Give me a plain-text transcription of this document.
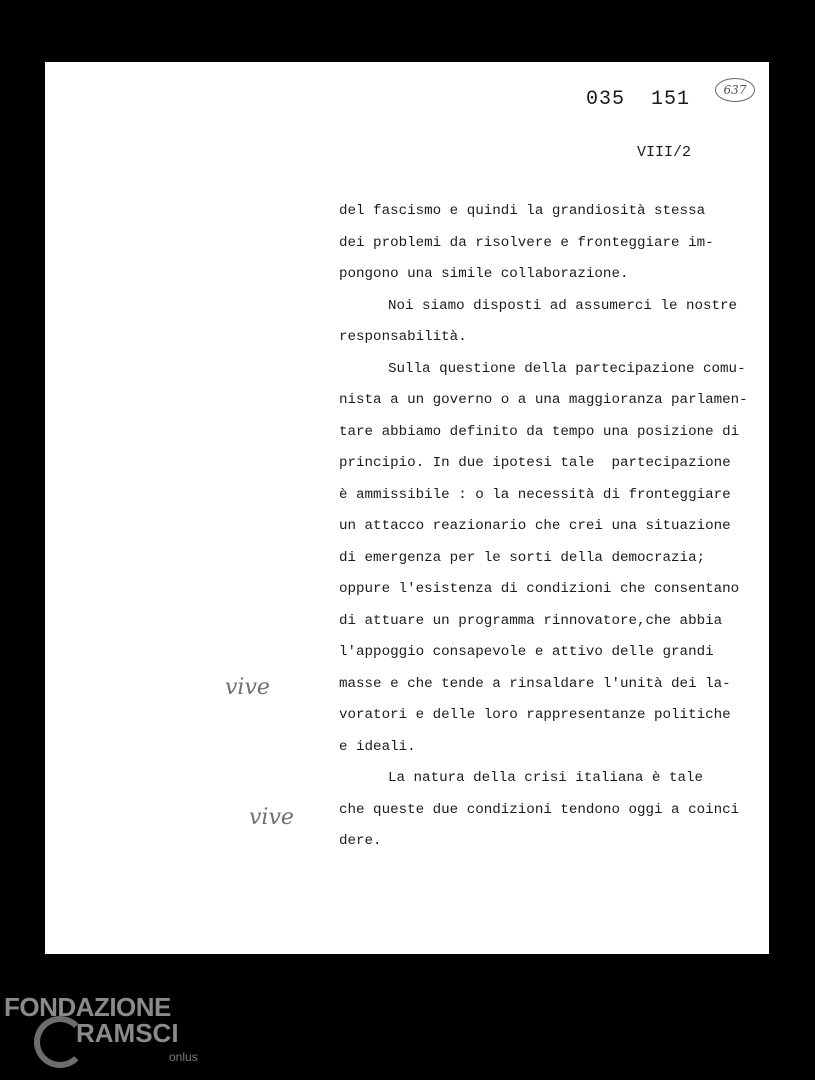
035  151	637
VIII/2
del fascismo e quindi la grandiosità stessa
dei problemi da risolvere e fronteggiare im-
pongono una simile collaborazione.
Noi siamo disposti ad assumerci le nostre
responsabilità.
Sulla questione della partecipazione comu-
nista a un governo o a una maggioranza parlamen-
tare abbiamo definito da tempo una posizione di
principio. In due ipotesi tale  partecipazione
è ammissibile : o la necessità di fronteggiare
un attacco reazionario che crei una situazione
di emergenza per le sorti della democrazia;
oppure l'esistenza di condizioni che consentano
di attuare un programma rinnovatore,che abbia
l'appoggio consapevole e attivo delle grandi
masse e che tende a rinsaldare l'unità dei la-
voratori e delle loro rappresentanze politiche
e ideali.
La natura della crisi italiana è tale
che queste due condizioni tendono oggi a coinci
dere.
vive
vive
FONDAZIONE
RAMSCI
onlus
